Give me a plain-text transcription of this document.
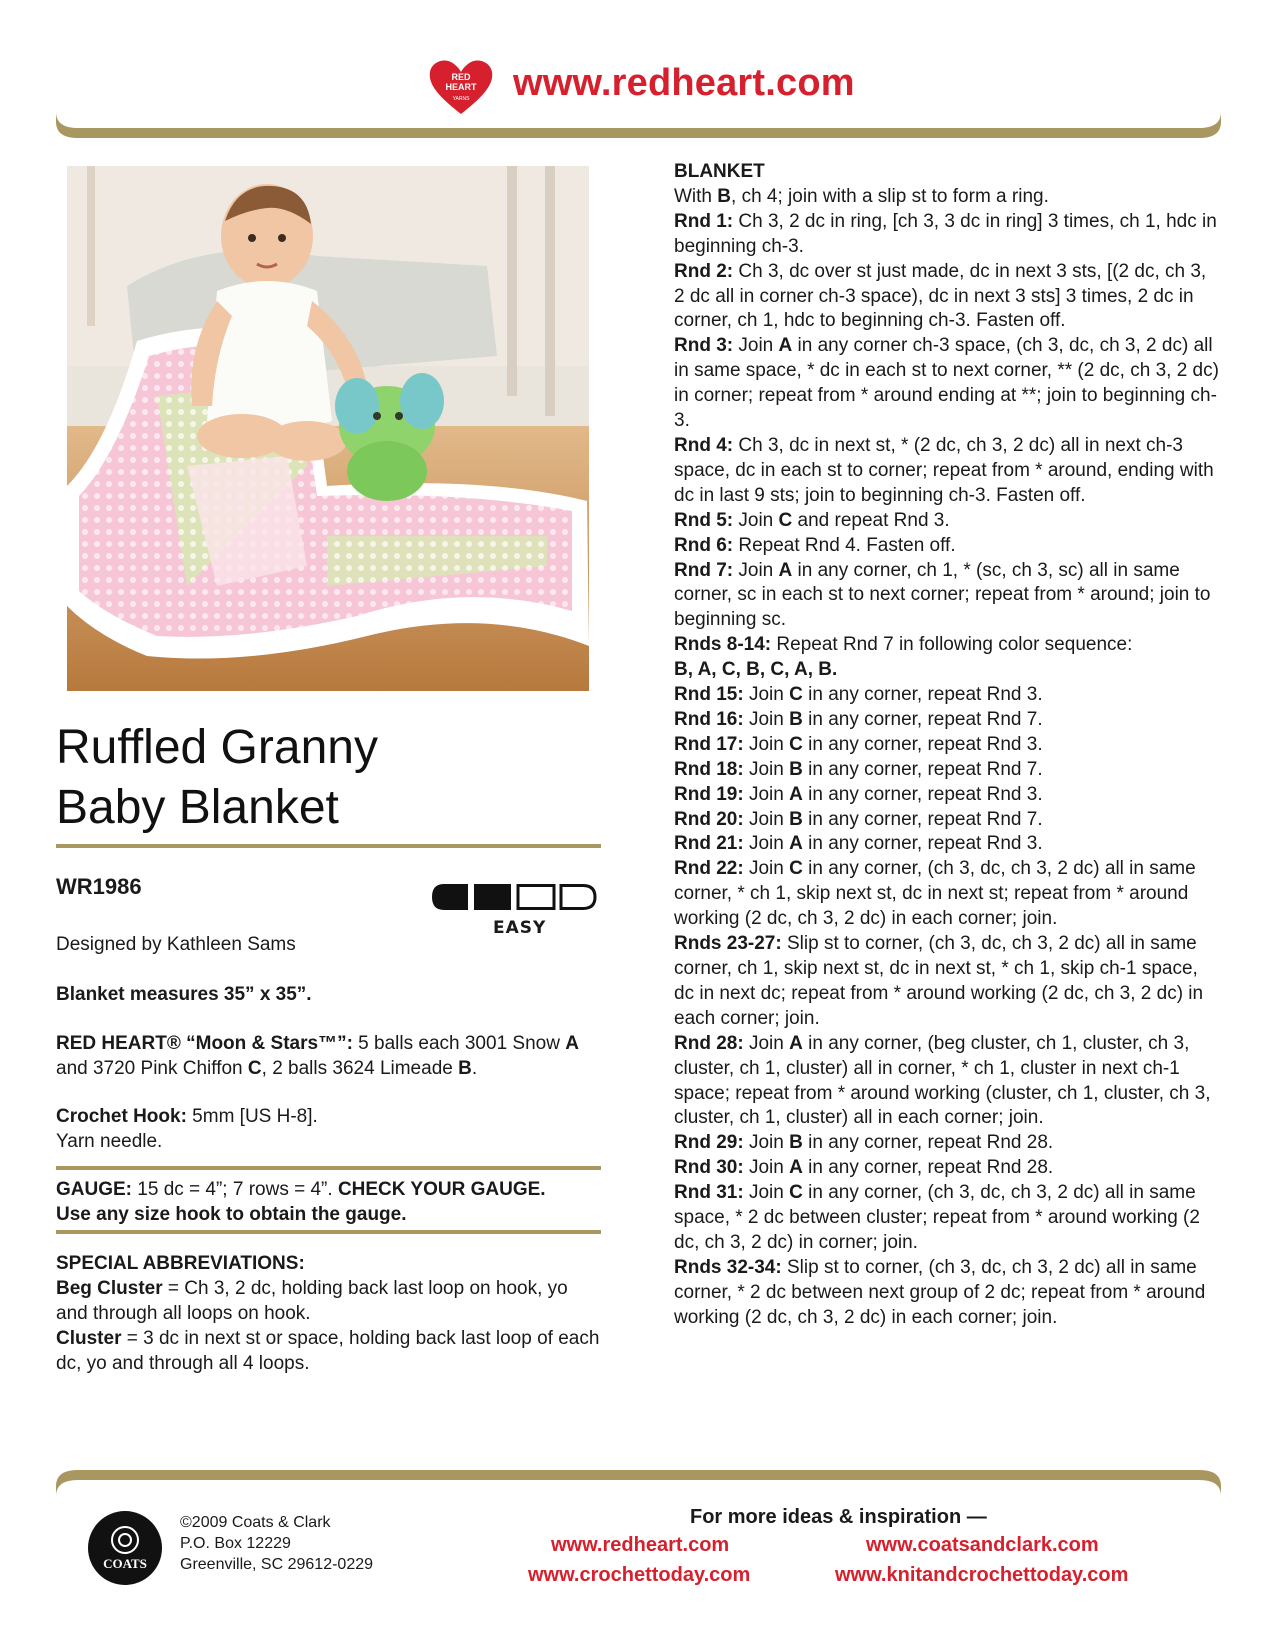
RED
HEART
YARNS www.redheart.com
Ruffled Granny
Baby Blanket
WR1986
EASY

Designed by Kathleen Sams

Blanket measures 35” x 35”.

RED HEART® “Moon & Stars™”: 5 balls each 3001 Snow A and 3720 Pink Chiffon C, 2 balls 3624 Limeade B.

Crochet Hook: 5mm [US H-8].
Yarn needle.

GAUGE: 15 dc = 4”; 7 rows = 4”. CHECK YOUR GAUGE. Use any size hook to obtain the gauge.

SPECIAL ABBREVIATIONS:
Beg Cluster = Ch 3, 2 dc, holding back last loop on hook, yo and through all loops on hook.
Cluster = 3 dc in next st or space, holding back last loop of each dc, yo and through all 4 loops.

BLANKET
With B, ch 4; join with a slip st to form a ring.
Rnd 1: Ch 3, 2 dc in ring, [ch 3, 3 dc in ring] 3 times, ch 1, hdc in beginning ch-3.
Rnd 2: Ch 3, dc over st just made, dc in next 3 sts, [(2 dc, ch 3, 2 dc all in corner ch-3 space), dc in next 3 sts] 3 times, 2 dc in corner, ch 1, hdc to beginning ch-3. Fasten off.
Rnd 3: Join A in any corner ch-3 space, (ch 3, dc, ch 3, 2 dc) all in same space, * dc in each st to next corner, ** (2 dc, ch 3, 2 dc) in corner; repeat from * around ending at **; join to beginning ch-3.
Rnd 4: Ch 3, dc in next st, * (2 dc, ch 3, 2 dc) all in next ch-3 space, dc in each st to corner; repeat from * around, ending with dc in last 9 sts; join to beginning ch-3. Fasten off.
Rnd 5: Join C and repeat Rnd 3.
Rnd 6: Repeat Rnd 4. Fasten off.
Rnd 7: Join A in any corner, ch 1, * (sc, ch 3, sc) all in same corner, sc in each st to next corner; repeat from * around; join to beginning sc.
Rnds 8-14: Repeat Rnd 7 in following color sequence:
B, A, C, B, C, A, B.
Rnd 15: Join C in any corner, repeat Rnd 3.
Rnd 16: Join B in any corner, repeat Rnd 7.
Rnd 17: Join C in any corner, repeat Rnd 3.
Rnd 18: Join B in any corner, repeat Rnd 7.
Rnd 19: Join A in any corner, repeat Rnd 3.
Rnd 20: Join B in any corner, repeat Rnd 7.
Rnd 21: Join A in any corner, repeat Rnd 3.
Rnd 22: Join C in any corner, (ch 3, dc, ch 3, 2 dc) all in same corner, * ch 1, skip next st, dc in next st; repeat from * around working (2 dc, ch 3, 2 dc) in each corner; join.
Rnds 23-27: Slip st to corner, (ch 3, dc, ch 3, 2 dc) all in same corner, ch 1, skip next st, dc in next st, * ch 1, skip ch-1 space, dc in next dc; repeat from * around working (2 dc, ch 3, 2 dc) in each corner; join.
Rnd 28: Join A in any corner, (beg cluster, ch 1, cluster, ch 3, cluster, ch 1, cluster) all in corner, * ch 1, cluster in next ch-1 space; repeat from * around working (cluster, ch 1, cluster, ch 3, cluster, ch 1, cluster) all in each corner; join.
Rnd 29: Join B in any corner, repeat Rnd 28.
Rnd 30: Join A in any corner, repeat Rnd 28.
Rnd 31: Join C in any corner, (ch 3, dc, ch 3, 2 dc) all in same space, * 2 dc between cluster; repeat from * around working (2 dc, ch 3, 2 dc) in corner; join.
Rnds 32-34: Slip st to corner, (ch 3, dc, ch 3, 2 dc) all in same corner, * 2 dc between next group of 2 dc; repeat from * around working (2 dc, ch 3, 2 dc) in each corner; join.

COATS
©2009 Coats & Clark
P.O. Box 12229
Greenville, SC 29612-0229
For more ideas & inspiration —
www.redheart.com	www.coatsandclark.com
www.crochettoday.com	www.knitandcrochettoday.com
